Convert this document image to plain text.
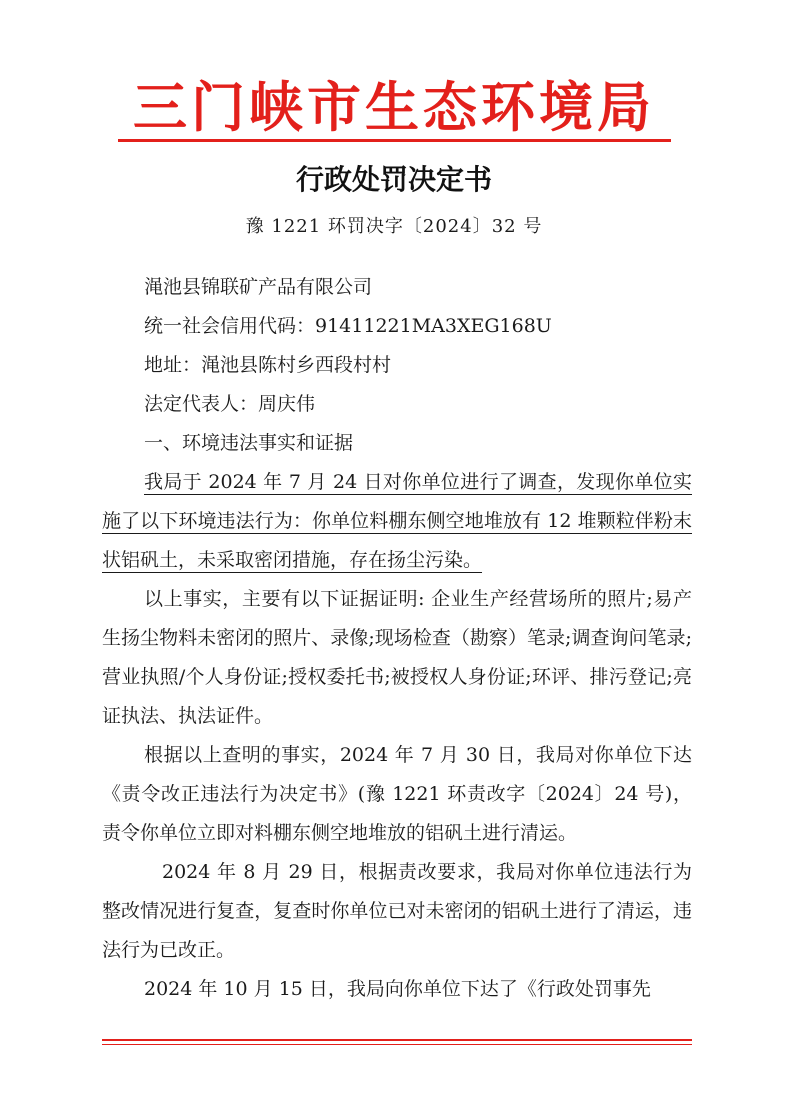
三门峡市生态环境局
行政处罚决定书
豫 1221 环罚决字〔2024〕32 号
渑池县锦联矿产品有限公司
统一社会信用代码：91411221MA3XEG168U
地址：渑池县陈村乡西段村村
法定代表人：周庆伟
一、环境违法事实和证据

我局于 2024 年 7 月 24 日对你单位进行了调查，发现你单位实施了以下环境违法行为：你单位料棚东侧空地堆放有 12 堆颗粒伴粉末状铝矾土，未采取密闭措施，存在扬尘污染。

以上事实，主要有以下证据证明: 企业生产经营场所的照片;易产生扬尘物料未密闭的照片、录像;现场检查（勘察）笔录;调查询问笔录;营业执照/个人身份证;授权委托书;被授权人身份证;环评、排污登记;亮证执法、执法证件。

根据以上查明的事实，2024 年 7 月 30 日，我局对你单位下达《责令改正违法行为决定书》(豫 1221 环责改字〔2024〕24 号)，责令你单位立即对料棚东侧空地堆放的铝矾土进行清运。

2024 年 8 月 29 日，根据责改要求，我局对你单位违法行为整改情况进行复查，复查时你单位已对未密闭的铝矾土进行了清运，违法行为已改正。

2024 年 10 月 15 日，我局向你单位下达了《行政处罚事先
